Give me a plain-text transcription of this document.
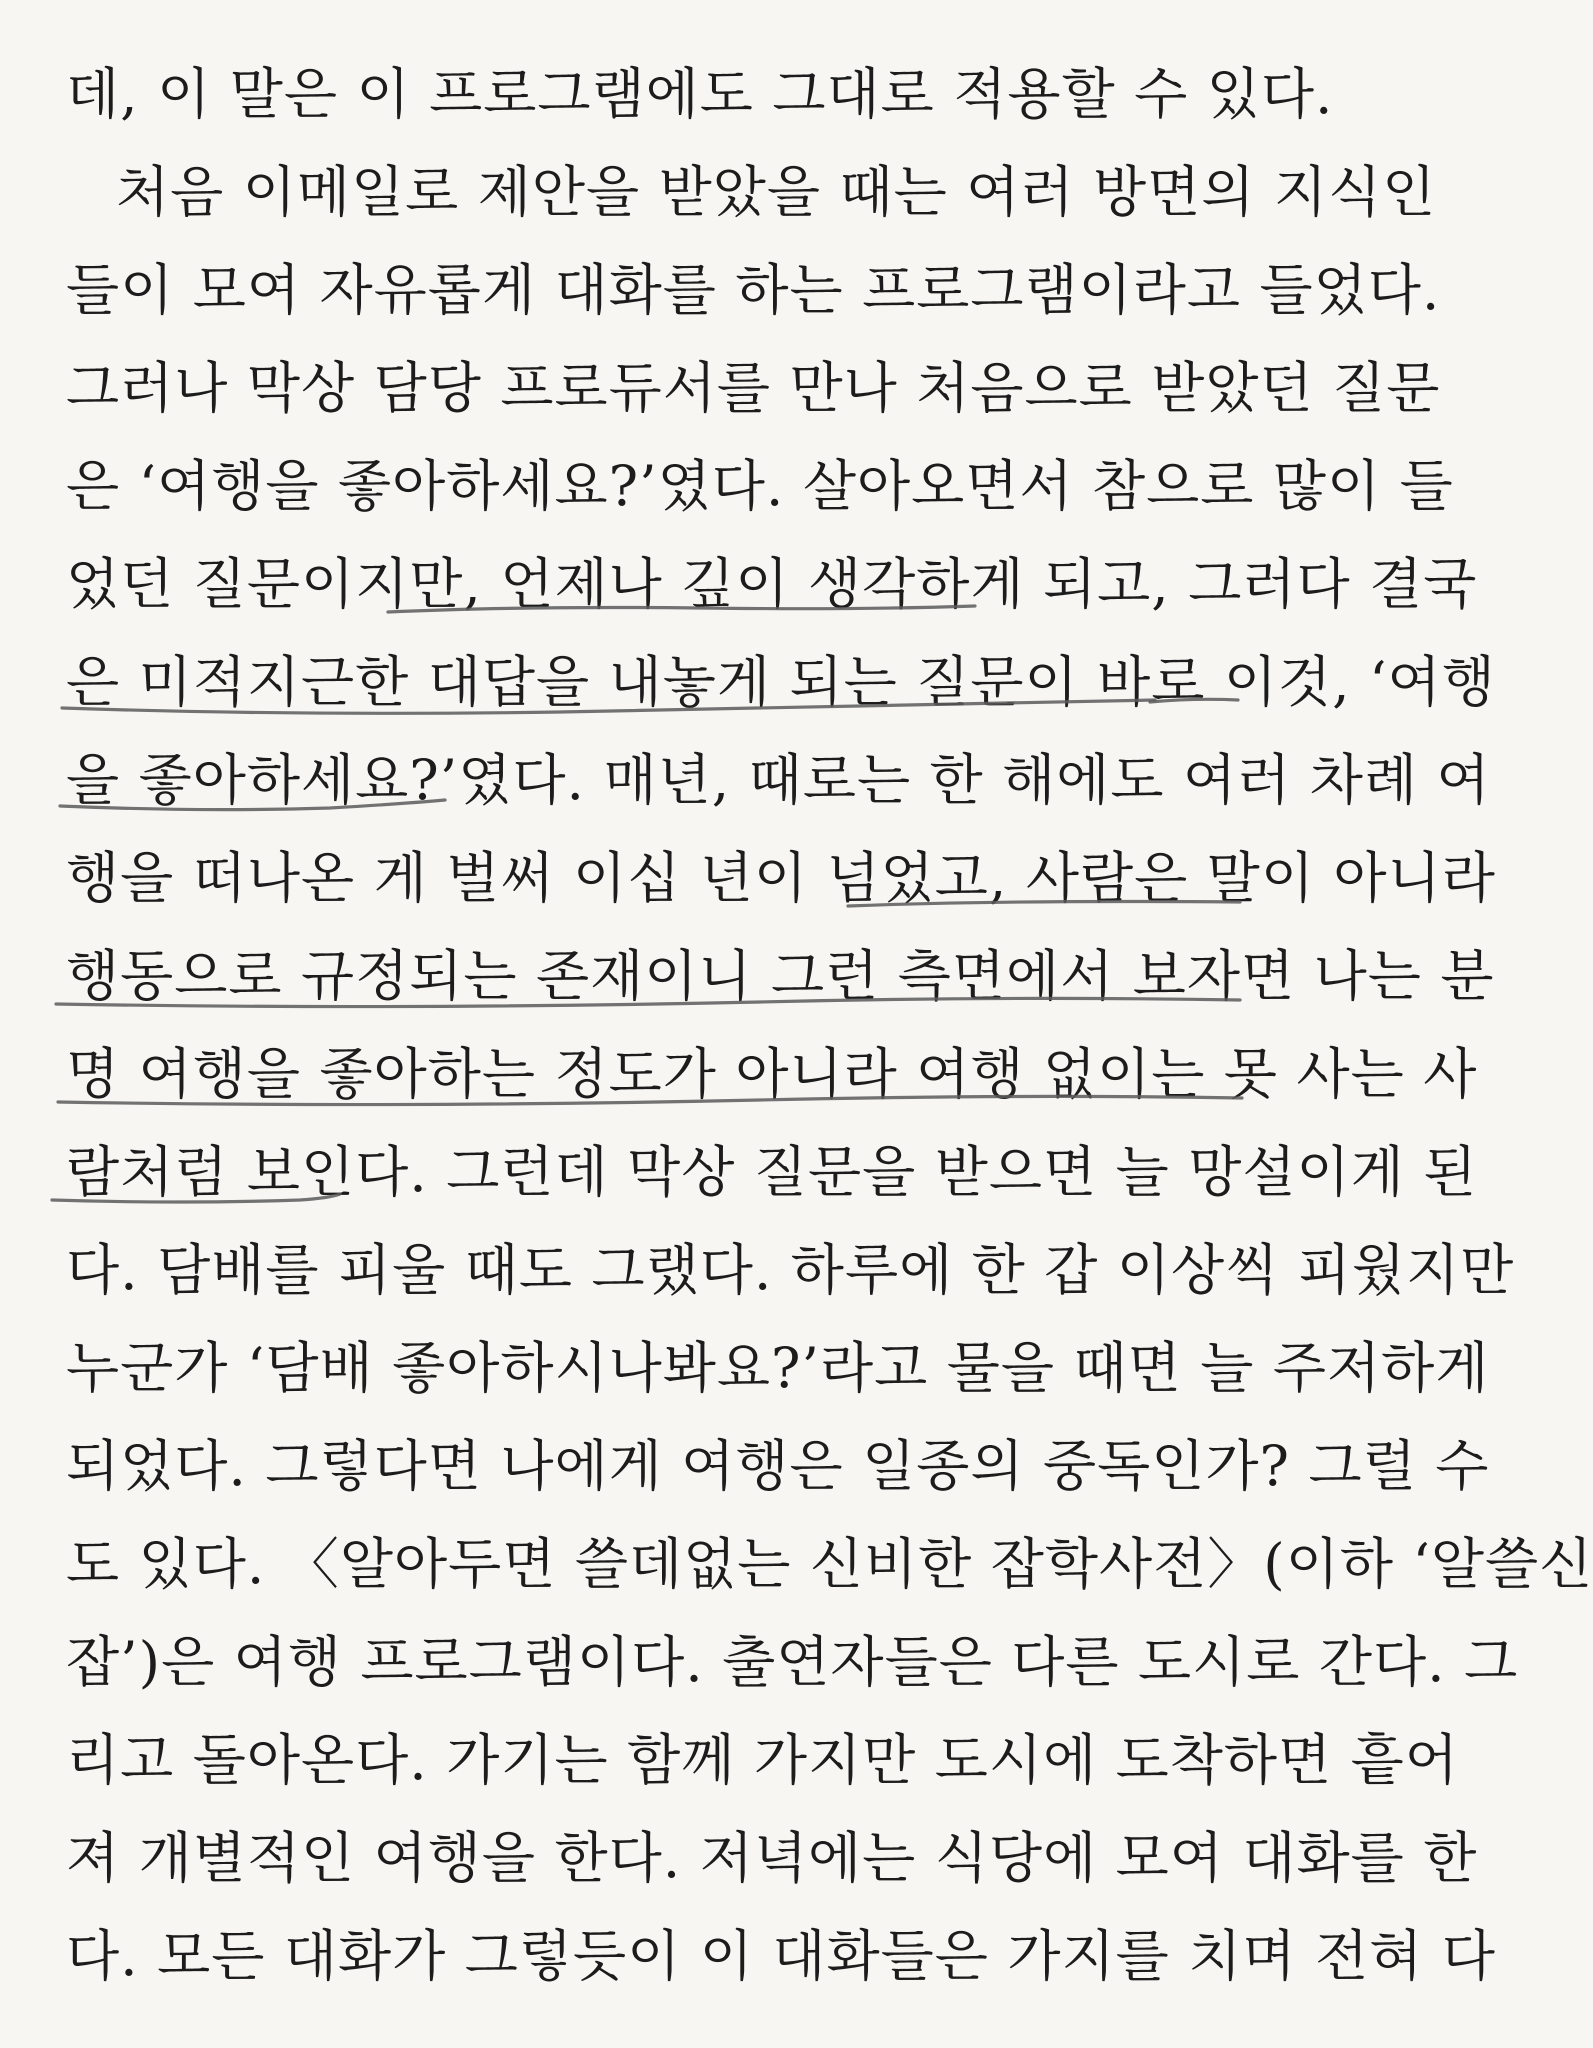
데, 이 말은 이 프로그램에도 그대로 적용할 수 있다.
처음 이메일로 제안을 받았을 때는 여러 방면의 지식인
들이 모여 자유롭게 대화를 하는 프로그램이라고 들었다.
그러나 막상 담당 프로듀서를 만나 처음으로 받았던 질문
은 ‘여행을 좋아하세요?’였다. 살아오면서 참으로 많이 들
었던 질문이지만, 언제나 깊이 생각하게 되고, 그러다 결국
은 미적지근한 대답을 내놓게 되는 질문이 바로 이것, ‘여행
을 좋아하세요?’였다. 매년, 때로는 한 해에도 여러 차례 여
행을 떠나온 게 벌써 이십 년이 넘었고, 사람은 말이 아니라
행동으로 규정되는 존재이니 그런 측면에서 보자면 나는 분
명 여행을 좋아하는 정도가 아니라 여행 없이는 못 사는 사
람처럼 보인다. 그런데 막상 질문을 받으면 늘 망설이게 된
다. 담배를 피울 때도 그랬다. 하루에 한 갑 이상씩 피웠지만
누군가 ‘담배 좋아하시나봐요?’라고 물을 때면 늘 주저하게
되었다. 그렇다면 나에게 여행은 일종의 중독인가? 그럴 수
도 있다. 〈알아두면 쓸데없는 신비한 잡학사전〉(이하 ‘알쓸신
잡’)은 여행 프로그램이다. 출연자들은 다른 도시로 간다. 그
리고 돌아온다. 가기는 함께 가지만 도시에 도착하면 흩어
져 개별적인 여행을 한다. 저녁에는 식당에 모여 대화를 한
다. 모든 대화가 그렇듯이 이 대화들은 가지를 치며 전혀 다
